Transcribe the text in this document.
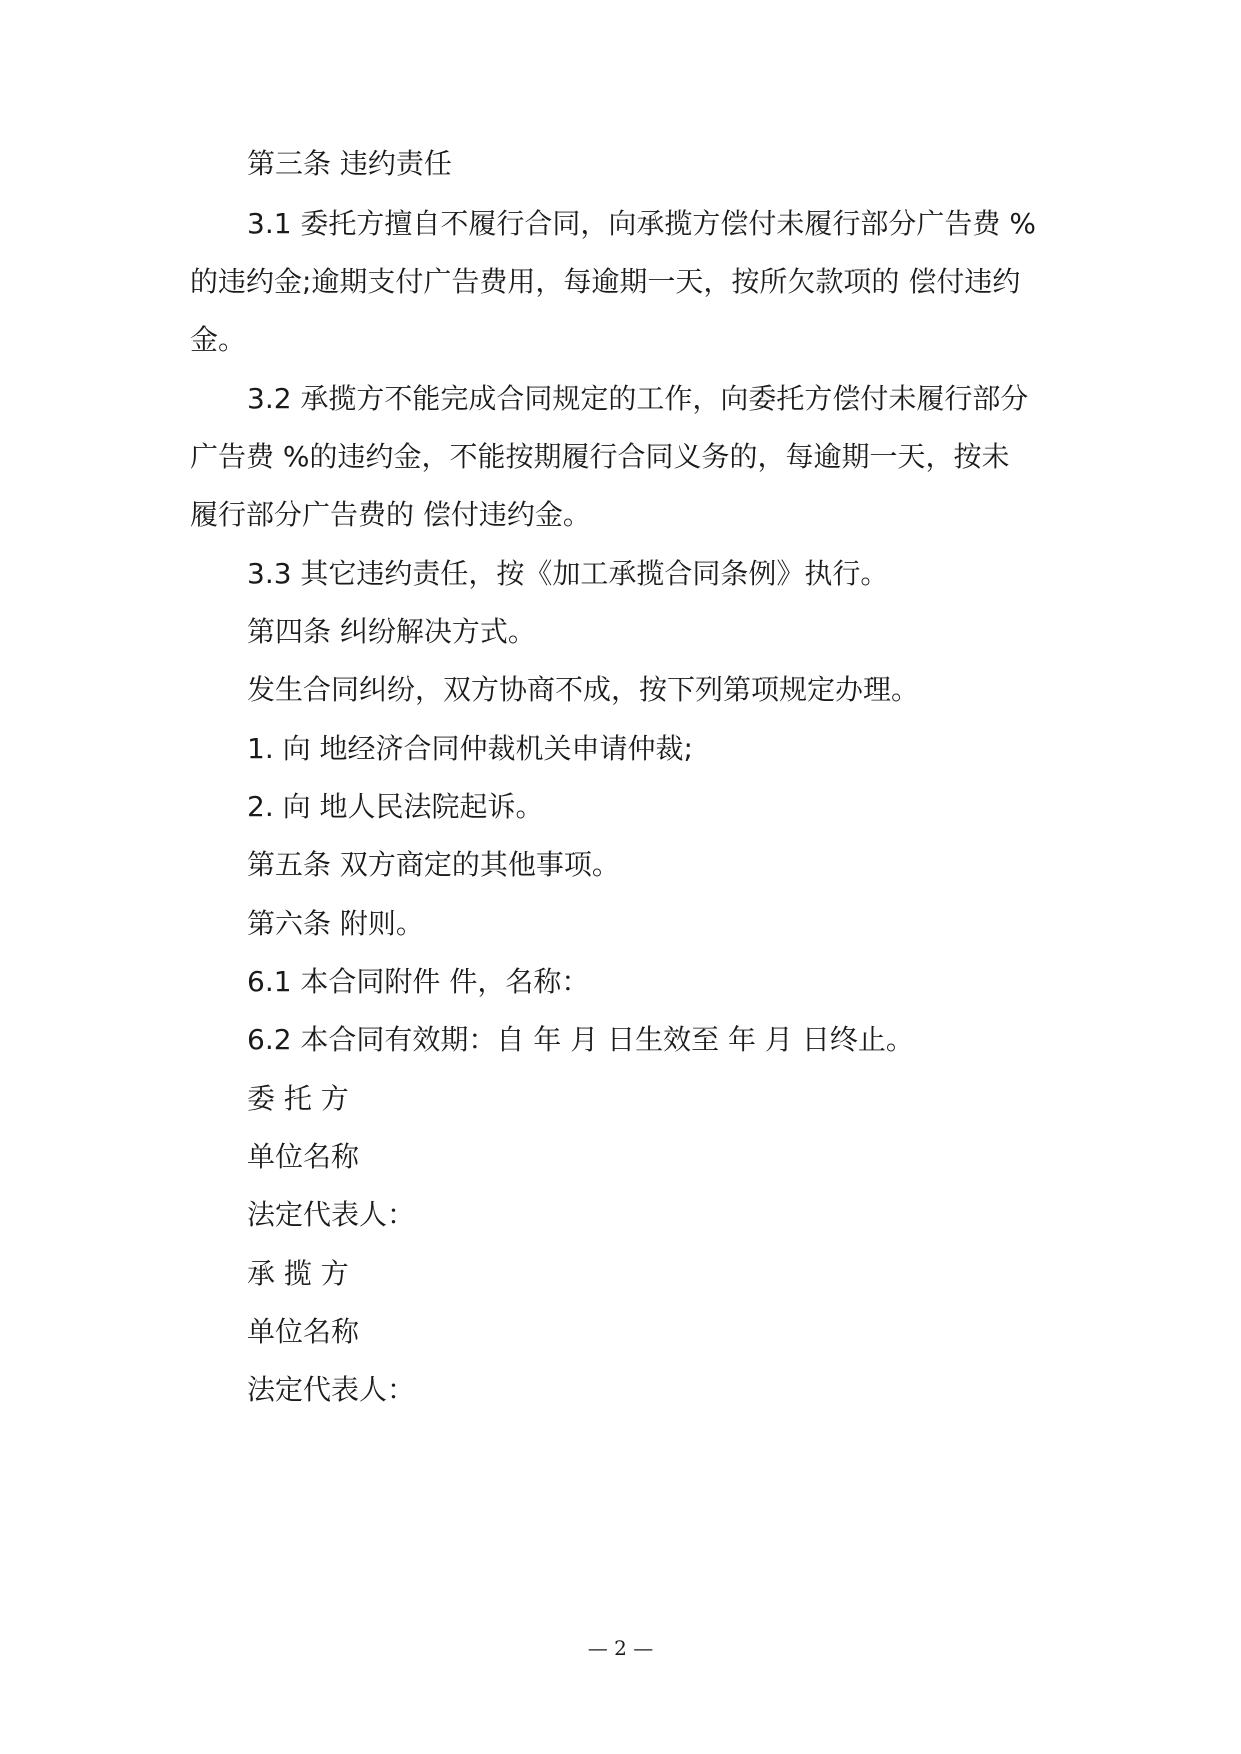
第三条 违约责任
3.1 委托方擅自不履行合同，向承揽方偿付未履行部分广告费 %
的违约金;逾期支付广告费用，每逾期一天，按所欠款项的 偿付违约
金。
3.2 承揽方不能完成合同规定的工作，向委托方偿付未履行部分
广告费 %的违约金，不能按期履行合同义务的，每逾期一天，按未
履行部分广告费的 偿付违约金。
3.3 其它违约责任，按《加工承揽合同条例》执行。
第四条 纠纷解决方式。
发生合同纠纷，双方协商不成，按下列第项规定办理。
1. 向 地经济合同仲裁机关申请仲裁;
2. 向 地人民法院起诉。
第五条 双方商定的其他事项。
第六条 附则。
6.1 本合同附件 件，名称：
6.2 本合同有效期：自 年 月 日生效至 年 月 日终止。
委 托 方
单位名称
法定代表人：
承 揽 方
单位名称
法定代表人：
— 2 —
